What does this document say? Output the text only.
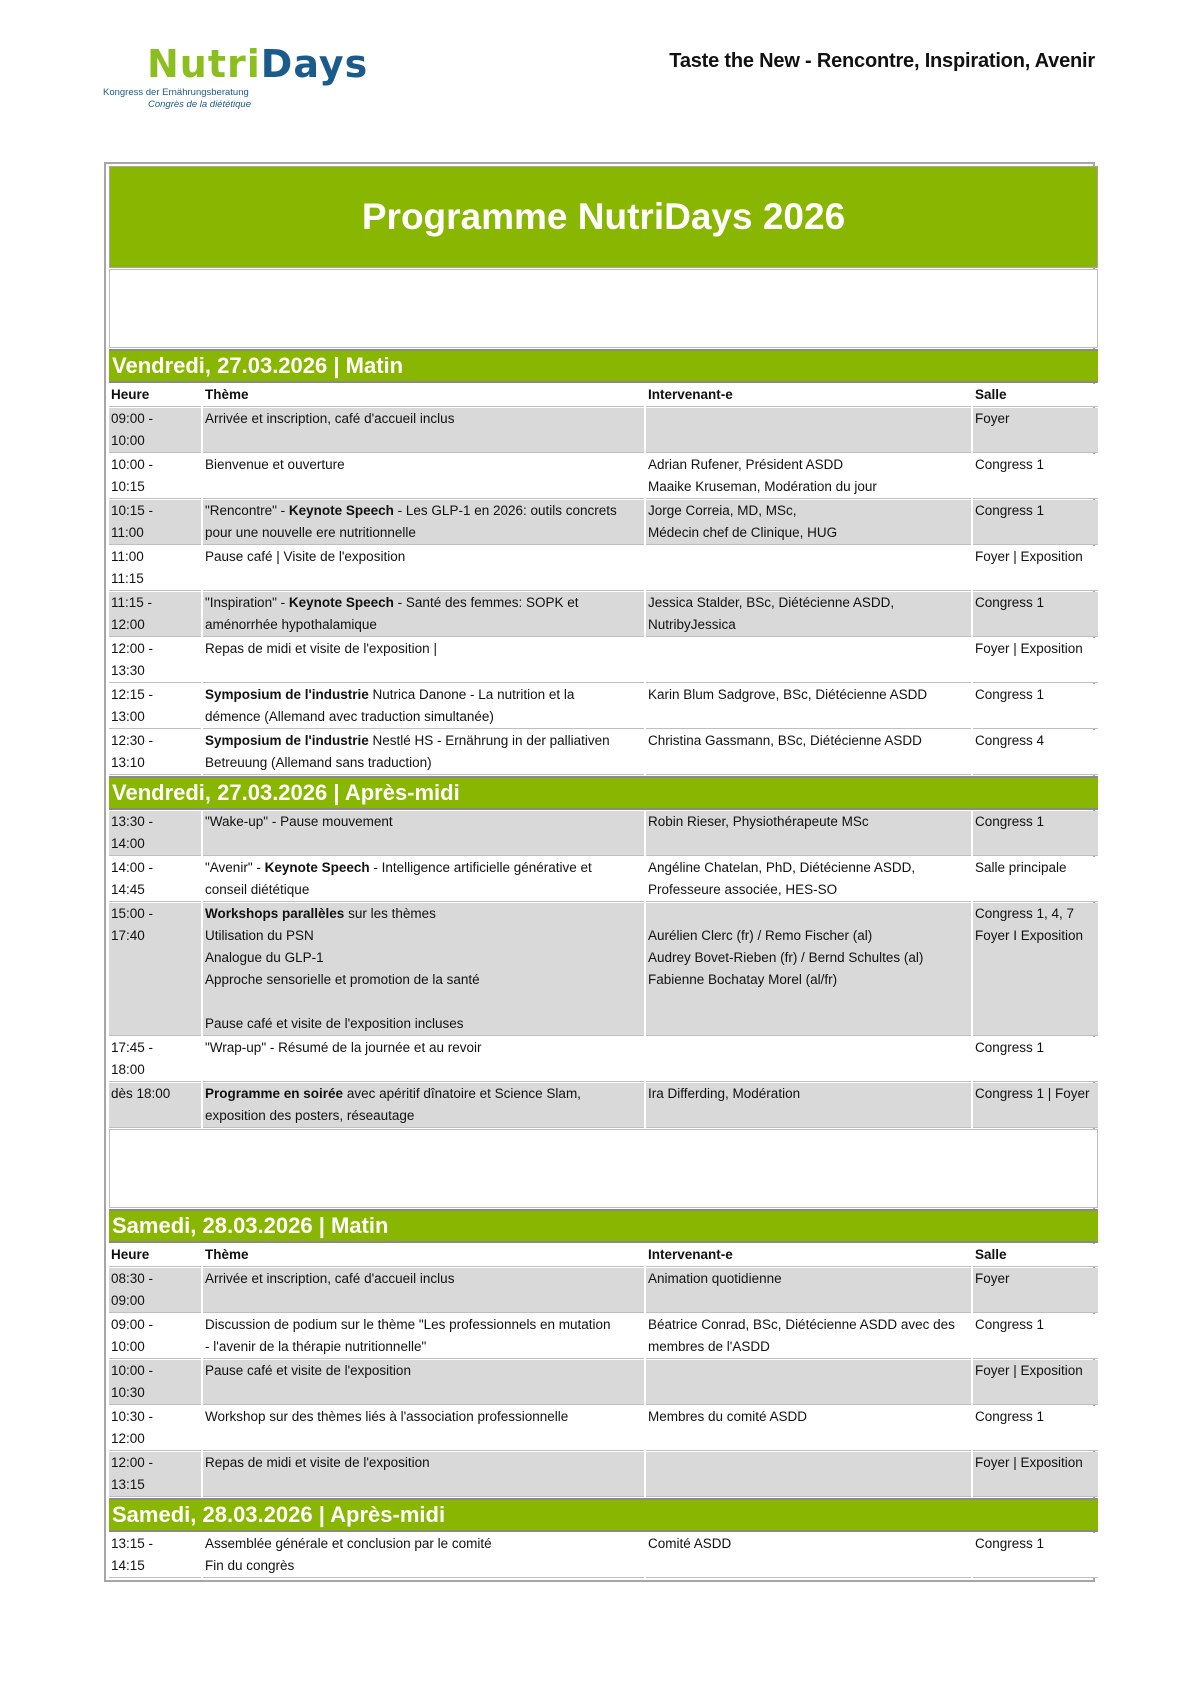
NutriDays
Kongress der Ernährungsberatung
Congrès de la diététique
Taste the New - Rencontre, Inspiration, Avenir
Programme NutriDays 2026			

Vendredi, 27.03.2026 | Matin			
Heure	Thème	Intervenant-e	Salle

09:00 -
10:00	Arrivée et inscription, café d'accueil inclus		Foyer

10:00 -
10:15	Bienvenue et ouverture	Adrian Rufener, Président ASDD
Maaike Kruseman, Modération du jour	Congress 1

10:15 -
11:00	"Rencontre" - Keynote Speech - Les GLP-1 en 2026: outils concrets
pour une nouvelle ere nutritionnelle	Jorge Correia, MD, MSc,
Médecin chef de Clinique, HUG	Congress 1

11:00
11:15	Pause café | Visite de l'exposition		Foyer | Exposition

11:15 -
12:00	"Inspiration" - Keynote Speech - Santé des femmes: SOPK et
aménorrhée hypothalamique	Jessica Stalder, BSc, Diétécienne ASDD,
NutribyJessica	Congress 1

12:00 -
13:30	Repas de midi et visite de l'exposition |		Foyer | Exposition

12:15 -
13:00	Symposium de l'industrie Nutrica Danone - La nutrition et la
démence (Allemand avec traduction simultanée)	Karin Blum Sadgrove, BSc, Diétécienne ASDD	Congress 1

12:30 -
13:10	Symposium de l'industrie Nestlé HS - Ernährung in der palliativen
Betreuung (Allemand sans traduction)	Christina Gassmann, BSc, Diétécienne ASDD	Congress 4

Vendredi, 27.03.2026 | Après-midi			

13:30 -
14:00	"Wake-up" - Pause mouvement	Robin Rieser, Physiothérapeute MSc	Congress 1

14:00 -
14:45	"Avenir" - Keynote Speech - Intelligence artificielle générative et
conseil diététique	Angéline Chatelan, PhD, Diétécienne ASDD,
Professeure associée, HES-SO	Salle principale

15:00 -
17:40	Workshops parallèles sur les thèmes
Utilisation du PSN
Analogue du GLP-1
Approche sensorielle et promotion de la santé

Pause café et visite de l'exposition incluses	Aurélien Clerc (fr) / Remo Fischer (al)
Audrey Bovet-Rieben (fr) / Bernd Schultes (al)
Fabienne Bochatay Morel (al/fr)	Congress 1, 4, 7
Foyer I Exposition

17:45 -
18:00	"Wrap-up" - Résumé de la journée et au revoir		Congress 1

dès 18:00	Programme en soirée avec apéritif dînatoire et Science Slam,
exposition des posters, réseautage	Ira Differding, Modération	Congress 1 | Foyer

Samedi, 28.03.2026 | Matin			
Heure	Thème	Intervenant-e	Salle

08:30 -
09:00	Arrivée et inscription, café d'accueil inclus	Animation quotidienne	Foyer

09:00 -
10:00	Discussion de podium sur le thème "Les professionnels en mutation
- l'avenir de la thérapie nutritionnelle"	Béatrice Conrad, BSc, Diétécienne ASDD avec des
membres de l'ASDD	Congress 1

10:00 -
10:30	Pause café et visite de l'exposition		Foyer | Exposition

10:30 -
12:00	Workshop sur des thèmes liés à l'association professionnelle	Membres du comité ASDD	Congress 1

12:00 -
13:15	Repas de midi et visite de l'exposition		Foyer | Exposition

Samedi, 28.03.2026 | Après-midi			

13:15 -
14:15	Assemblée générale et conclusion par le comité
Fin du congrès	Comité ASDD	Congress 1
